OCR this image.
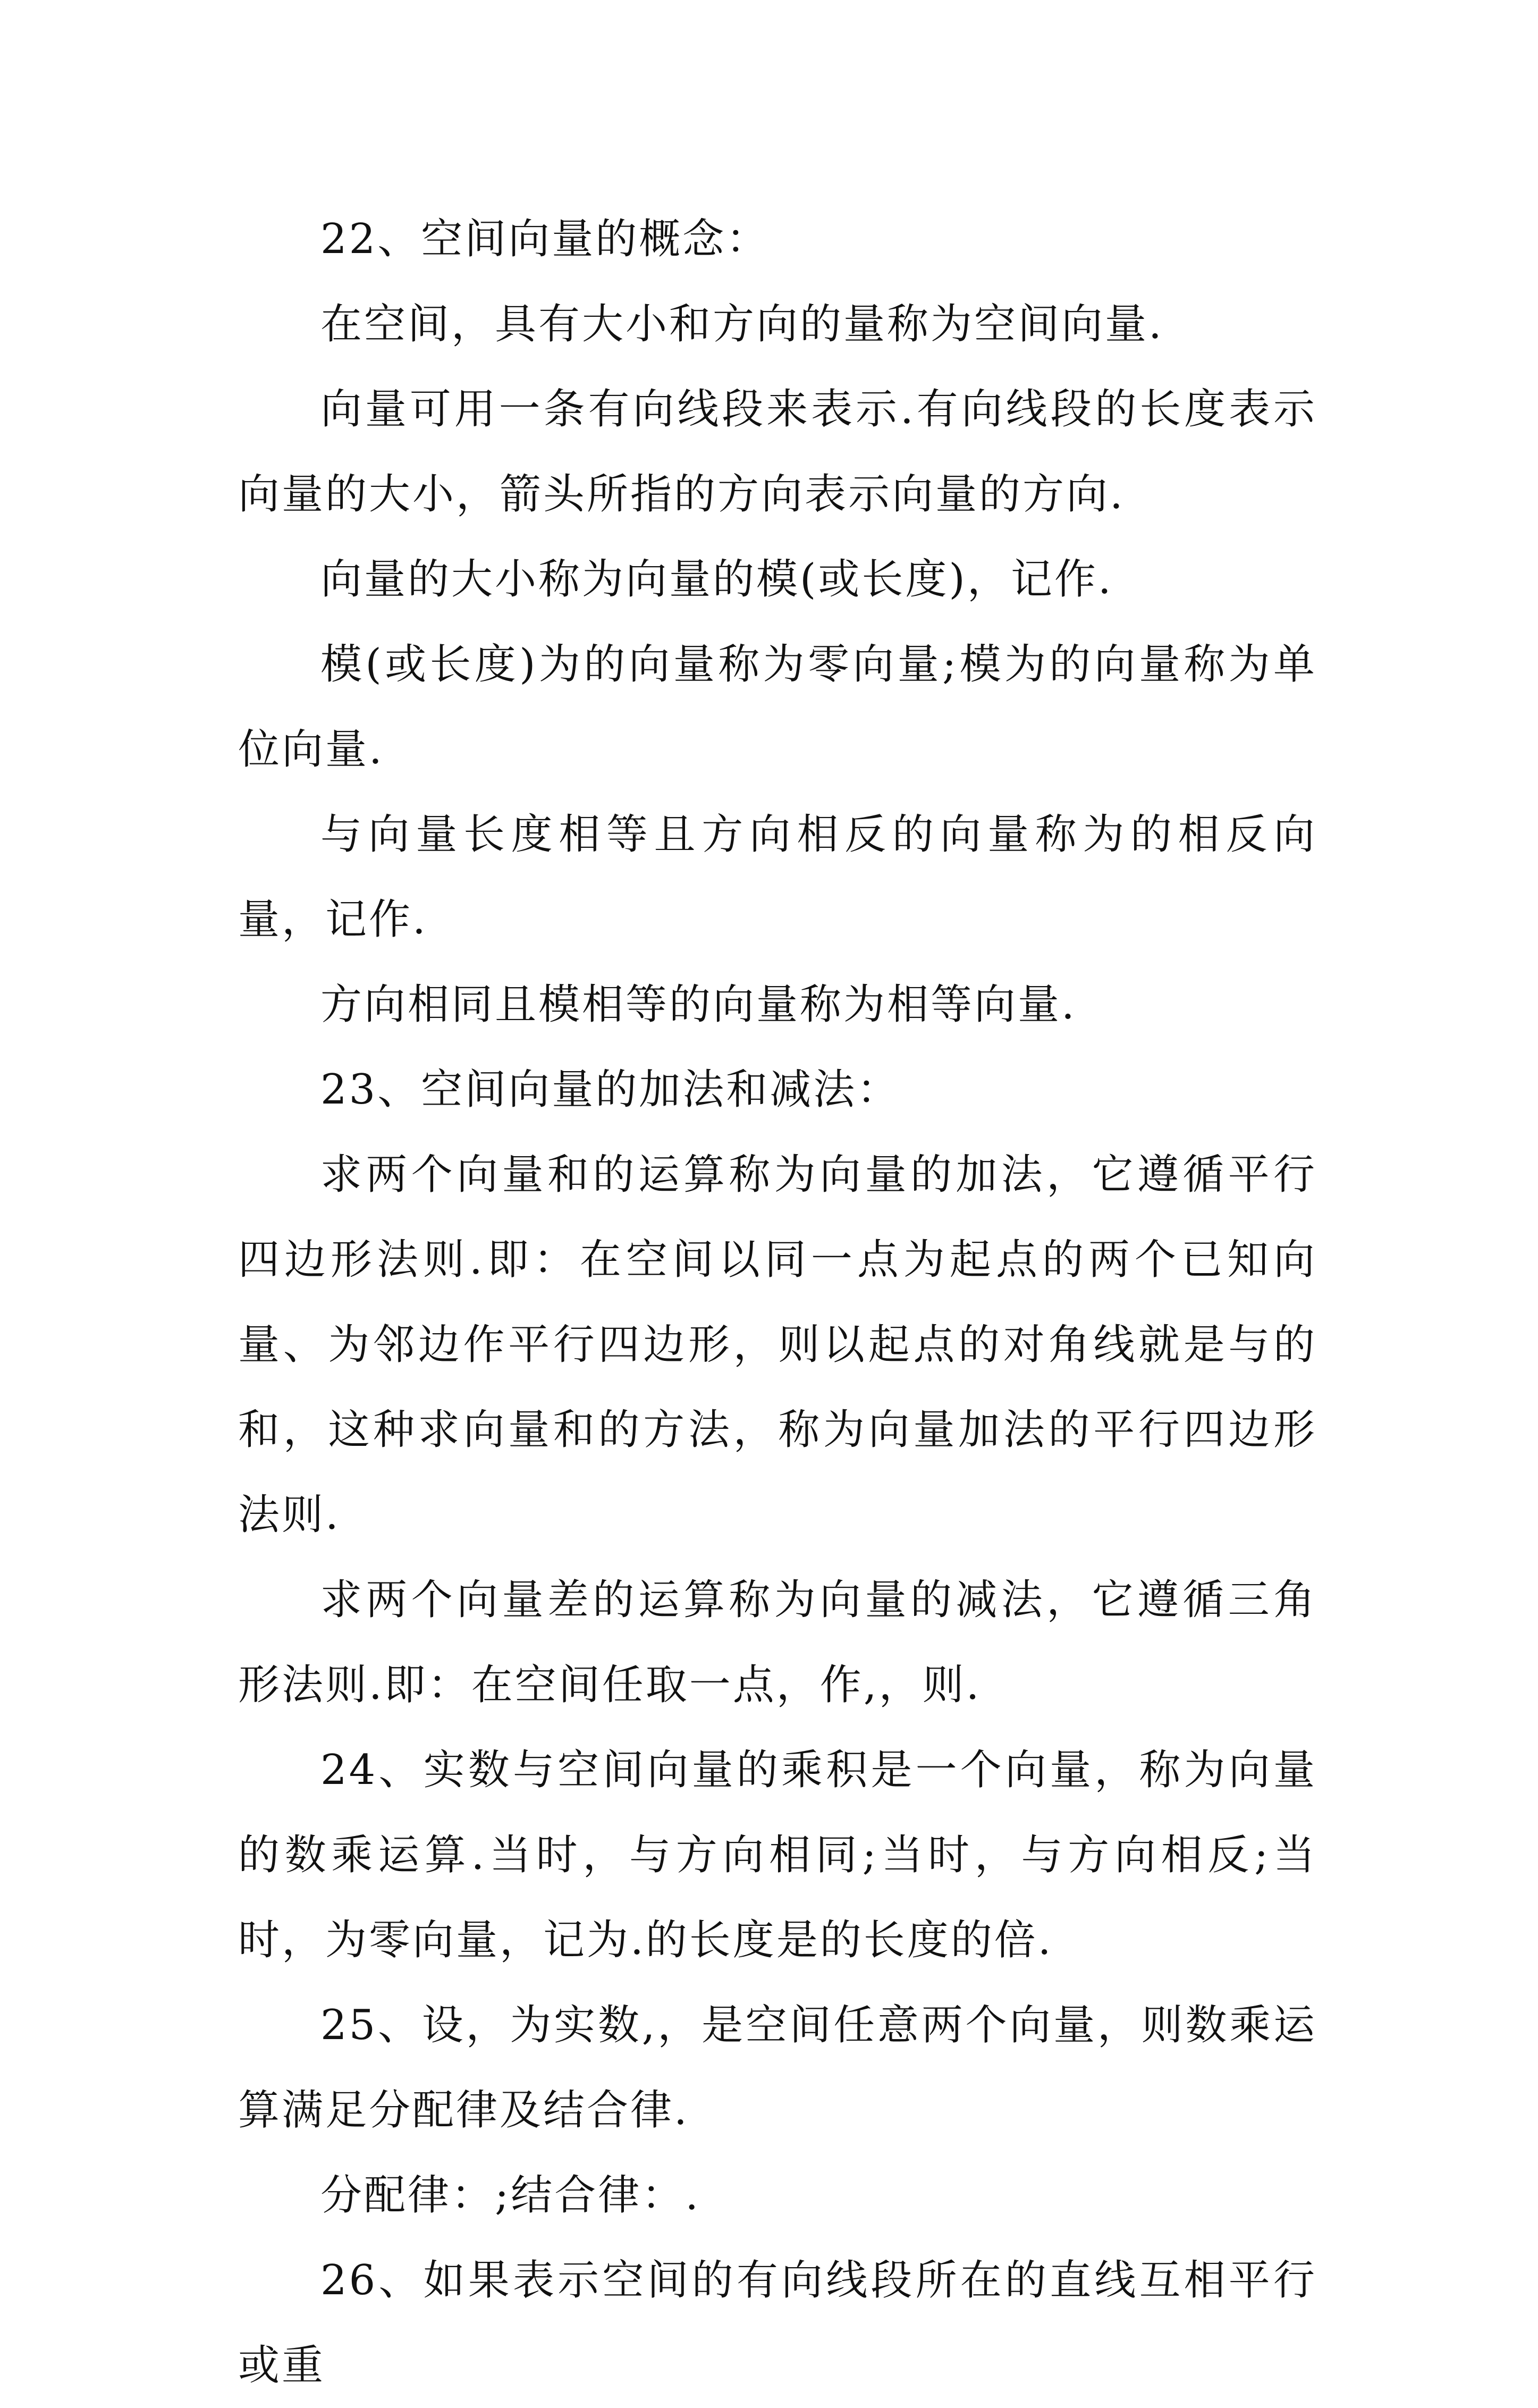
22、空间向量的概念：

在空间，具有大小和方向的量称为空间向量.

向量可用一条有向线段来表示.有向线段的长度表示向量的大小，箭头所指的方向表示向量的方向.

向量的大小称为向量的模(或长度)，记作.

模(或长度)为的向量称为零向量;模为的向量称为单位向量.

与向量长度相等且方向相反的向量称为的相反向量，记作.

方向相同且模相等的向量称为相等向量.

23、空间向量的加法和减法：

求两个向量和的运算称为向量的加法，它遵循平行四边形法则.即：在空间以同一点为起点的两个已知向量、为邻边作平行四边形，则以起点的对角线就是与的和，这种求向量和的方法，称为向量加法的平行四边形法则.

求两个向量差的运算称为向量的减法，它遵循三角形法则.即：在空间任取一点，作,，则.

24、实数与空间向量的乘积是一个向量，称为向量的数乘运算.当时，与方向相同;当时，与方向相反;当时，为零向量，记为.的长度是的长度的倍.

25、设，为实数,，是空间任意两个向量，则数乘运算满足分配律及结合律.

分配律：;结合律：.

26、如果表示空间的有向线段所在的直线互相平行或重
